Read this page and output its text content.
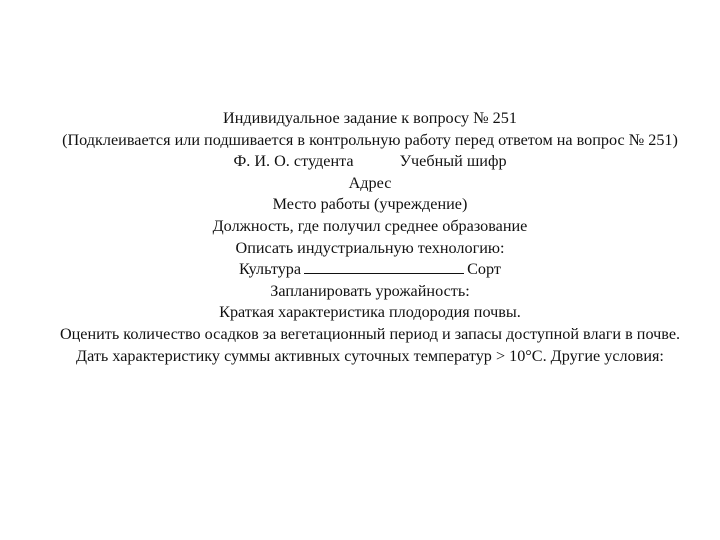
Индивидуальное задание к вопросу № 251
(Подклеивается или подшивается в контрольную работу перед ответом на вопрос № 251)
Ф. И. О. студента	Учебный шифр
Адрес
Место работы (учреждение)
Должность, где получил среднее образование
Описать индустриальную технологию:
Культура	Сорт
Запланировать урожайность:
Краткая характеристика плодородия почвы.
Оценить количество осадков за вегетационный период и запасы доступной влаги в почве.
Дать характеристику суммы активных суточных температур > 10°С. Другие условия:
